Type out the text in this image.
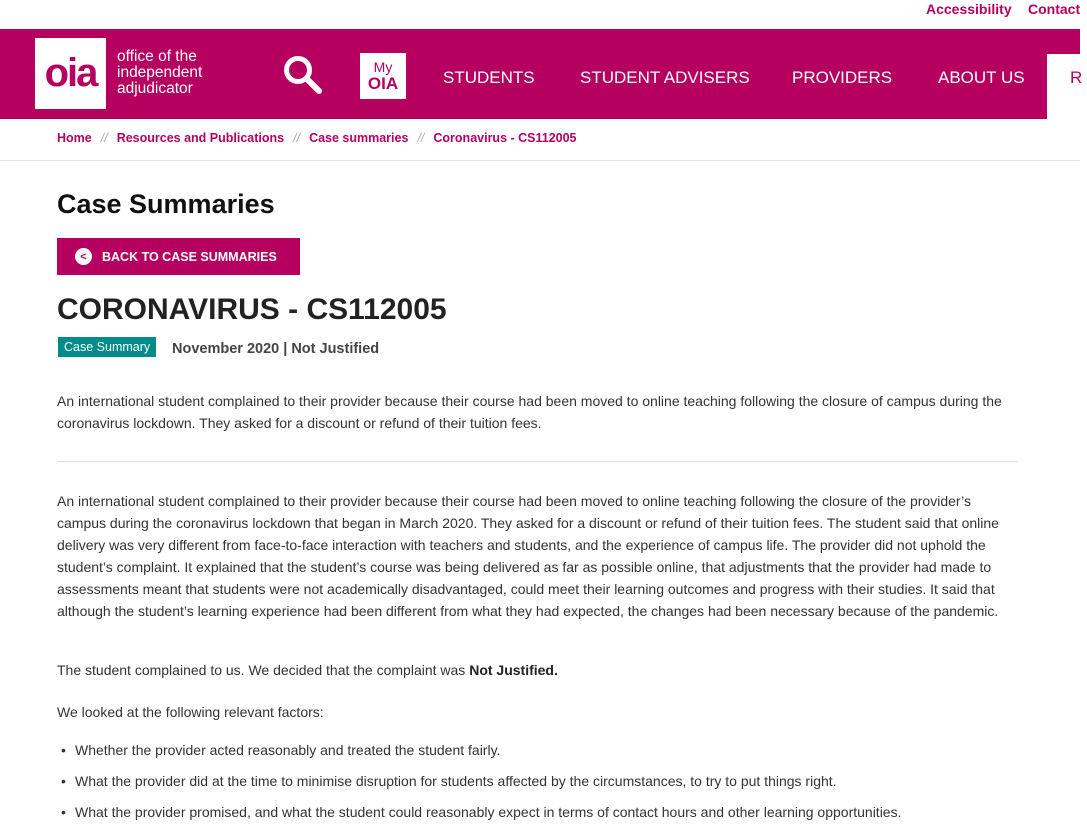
Accessibility Contact
oia office of the
independent
adjudicator
My
OIA	STUDENTS	STUDENT ADVISERS PROVIDERS	ABOUT US	R
Home // Resources and Publications // Case summaries // Coronavirus - CS112005
Case Summaries
<	BACK TO CASE SUMMARIES
CORONAVIRUS - CS112005
Case Summary	November 2020 | Not Justified

An international student complained to their provider because their course had been moved to online teaching following the closure of campus during the coronavirus lockdown. They asked for a discount or refund of their tuition fees.

An international student complained to their provider because their course had been moved to online teaching following the closure of the provider’s campus during the coronavirus lockdown that began in March 2020. They asked for a discount or refund of their tuition fees. The student said that online delivery was very different from face-to-face interaction with teachers and students, and the experience of campus life. The provider did not uphold the student’s complaint. It explained that the student’s course was being delivered as far as possible online, that adjustments that the provider had made to assessments meant that students were not academically disadvantaged, could meet their learning outcomes and progress with their studies. It said that although the student’s learning experience had been different from what they had expected, the changes had been necessary because of the pandemic.

The student complained to us. We decided that the complaint was Not Justified.

We looked at the following relevant factors:

• Whether the provider acted reasonably and treated the student fairly.
• What the provider did at the time to minimise disruption for students affected by the circumstances, to try to put things right.
• What the provider promised, and what the student could reasonably expect in terms of contact hours and other learning opportunities.
